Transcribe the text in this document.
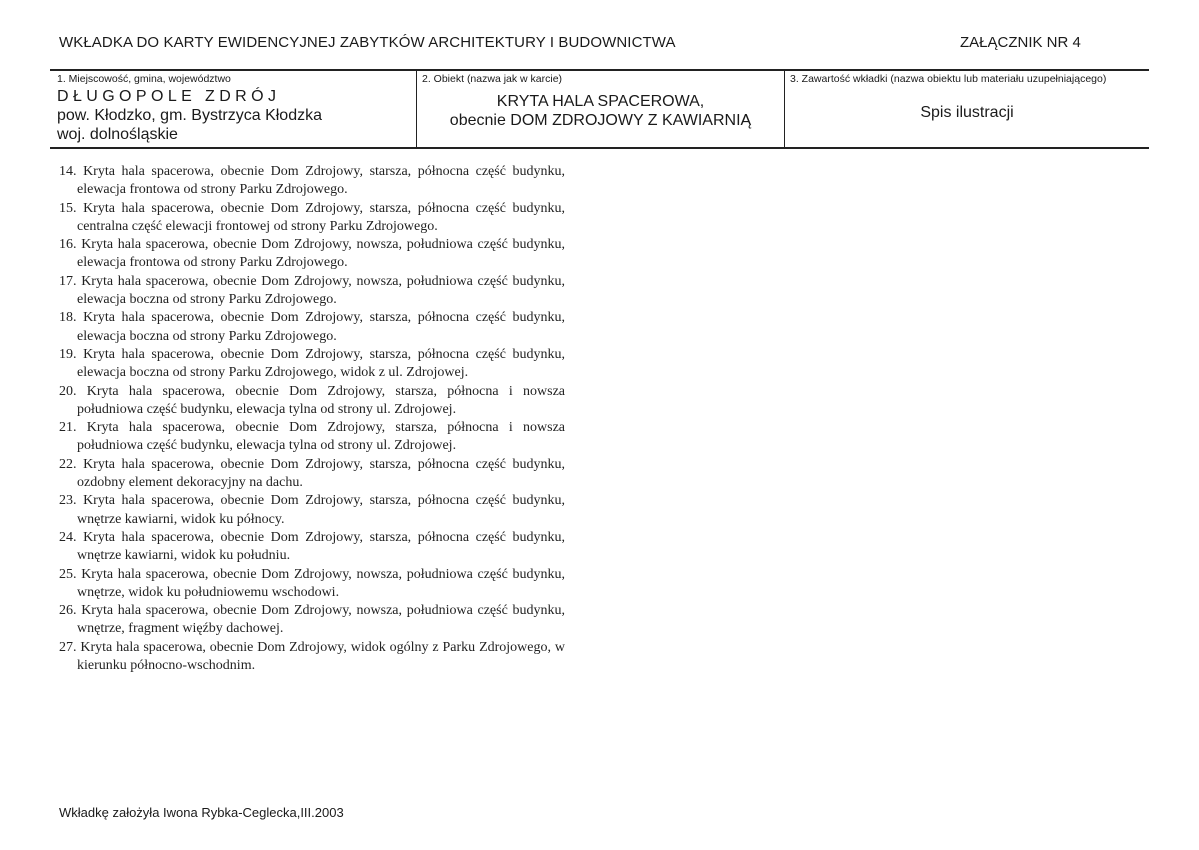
WKŁADKA DO KARTY EWIDENCYJNEJ ZABYTKÓW ARCHITEKTURY I BUDOWNICTWA	ZAŁĄCZNIK NR 4
1. Miejscowość, gmina, województwo
DŁUGOPOLE ZDRÓJ
pow. Kłodzko, gm. Bystrzyca Kłodzka
woj. dolnośląskie
2. Obiekt (nazwa jak w karcie)
KRYTA HALA SPACEROWA,
obecnie DOM ZDROJOWY Z KAWIARNIĄ
3. Zawartość wkładki (nazwa obiektu lub materiału uzupełniającego)
Spis ilustracji
14. Kryta hala spacerowa, obecnie Dom Zdrojowy, starsza, północna część budynku, elewacja frontowa od strony Parku Zdrojowego.
15. Kryta hala spacerowa, obecnie Dom Zdrojowy, starsza, północna część budynku, centralna część elewacji frontowej od strony Parku Zdrojowego.
16. Kryta hala spacerowa, obecnie Dom Zdrojowy, nowsza, południowa część budynku, elewacja frontowa od strony Parku Zdrojowego.
17. Kryta hala spacerowa, obecnie Dom Zdrojowy, nowsza, południowa część budynku, elewacja boczna od strony Parku Zdrojowego.
18. Kryta hala spacerowa, obecnie Dom Zdrojowy, starsza, północna część budynku, elewacja boczna od strony Parku Zdrojowego.
19. Kryta hala spacerowa, obecnie Dom Zdrojowy, starsza, północna część budynku, elewacja boczna od strony Parku Zdrojowego, widok z ul. Zdrojowej.
20. Kryta hala spacerowa, obecnie Dom Zdrojowy, starsza, północna i nowsza południowa część budynku, elewacja tylna od strony ul. Zdrojowej.
21. Kryta hala spacerowa, obecnie Dom Zdrojowy, starsza, północna i nowsza południowa część budynku, elewacja tylna od strony ul. Zdrojowej.
22. Kryta hala spacerowa, obecnie Dom Zdrojowy, starsza, północna część budynku, ozdobny element dekoracyjny na dachu.
23. Kryta hala spacerowa, obecnie Dom Zdrojowy, starsza, północna część budynku, wnętrze kawiarni, widok ku północy.
24. Kryta hala spacerowa, obecnie Dom Zdrojowy, starsza, północna część budynku, wnętrze kawiarni, widok ku południu.
25. Kryta hala spacerowa, obecnie Dom Zdrojowy, nowsza, południowa część budynku, wnętrze, widok ku południowemu wschodowi.
26. Kryta hala spacerowa, obecnie Dom Zdrojowy, nowsza, południowa część budynku, wnętrze, fragment więźby dachowej.
27. Kryta hala spacerowa, obecnie Dom Zdrojowy, widok ogólny z Parku Zdrojowego, w kierunku północno-wschodnim.
Wkładkę założyła Iwona Rybka-Ceglecka,III.2003
